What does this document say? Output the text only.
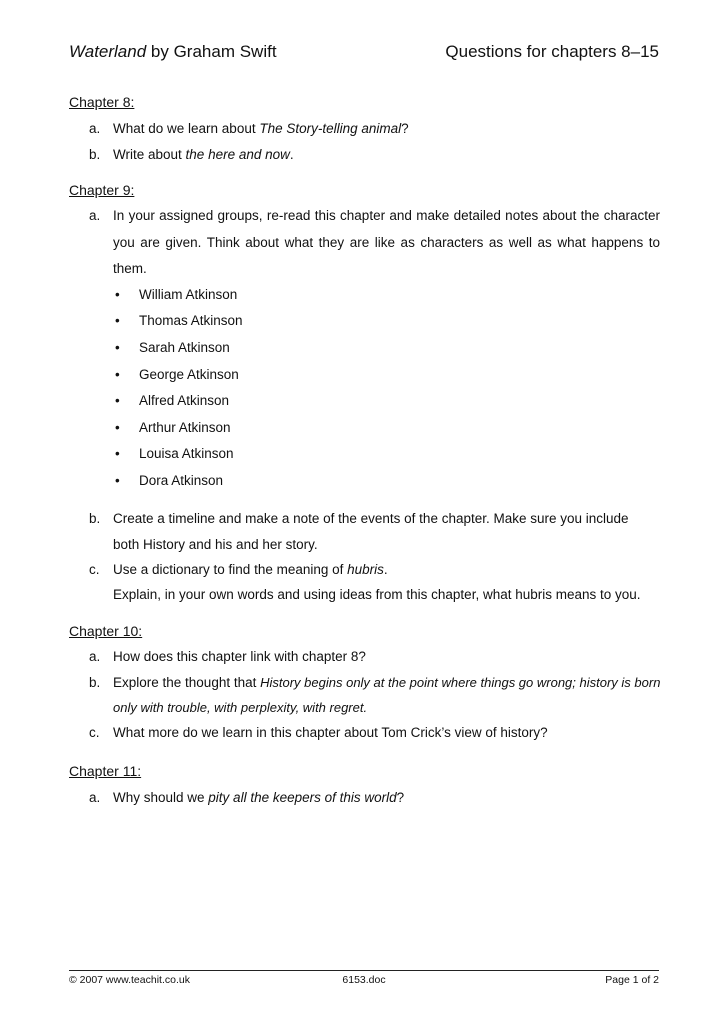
Waterland by Graham Swift	Questions for chapters 8–15
Chapter 8:
a. What do we learn about The Story-telling animal?
b. Write about the here and now.
Chapter 9:
a. In your assigned groups, re-read this chapter and make detailed notes about the character
you are given. Think about what they are like as characters as well as what happens to
them.
• William Atkinson
• Thomas Atkinson
• Sarah Atkinson
• George Atkinson
• Alfred Atkinson
• Arthur Atkinson
• Louisa Atkinson
• Dora Atkinson
b. Create a timeline and make a note of the events of the chapter. Make sure you include
both History and his and her story.
c. Use a dictionary to find the meaning of hubris.
Explain, in your own words and using ideas from this chapter, what hubris means to you.
Chapter 10:
a. How does this chapter link with chapter 8?
b. Explore the thought that History begins only at the point where things go wrong; history is born
only with trouble, with perplexity, with regret.
c. What more do we learn in this chapter about Tom Crick’s view of history?
Chapter 11:
a. Why should we pity all the keepers of this world?
© 2007 www.teachit.co.uk	6153.doc	Page 1 of 2
